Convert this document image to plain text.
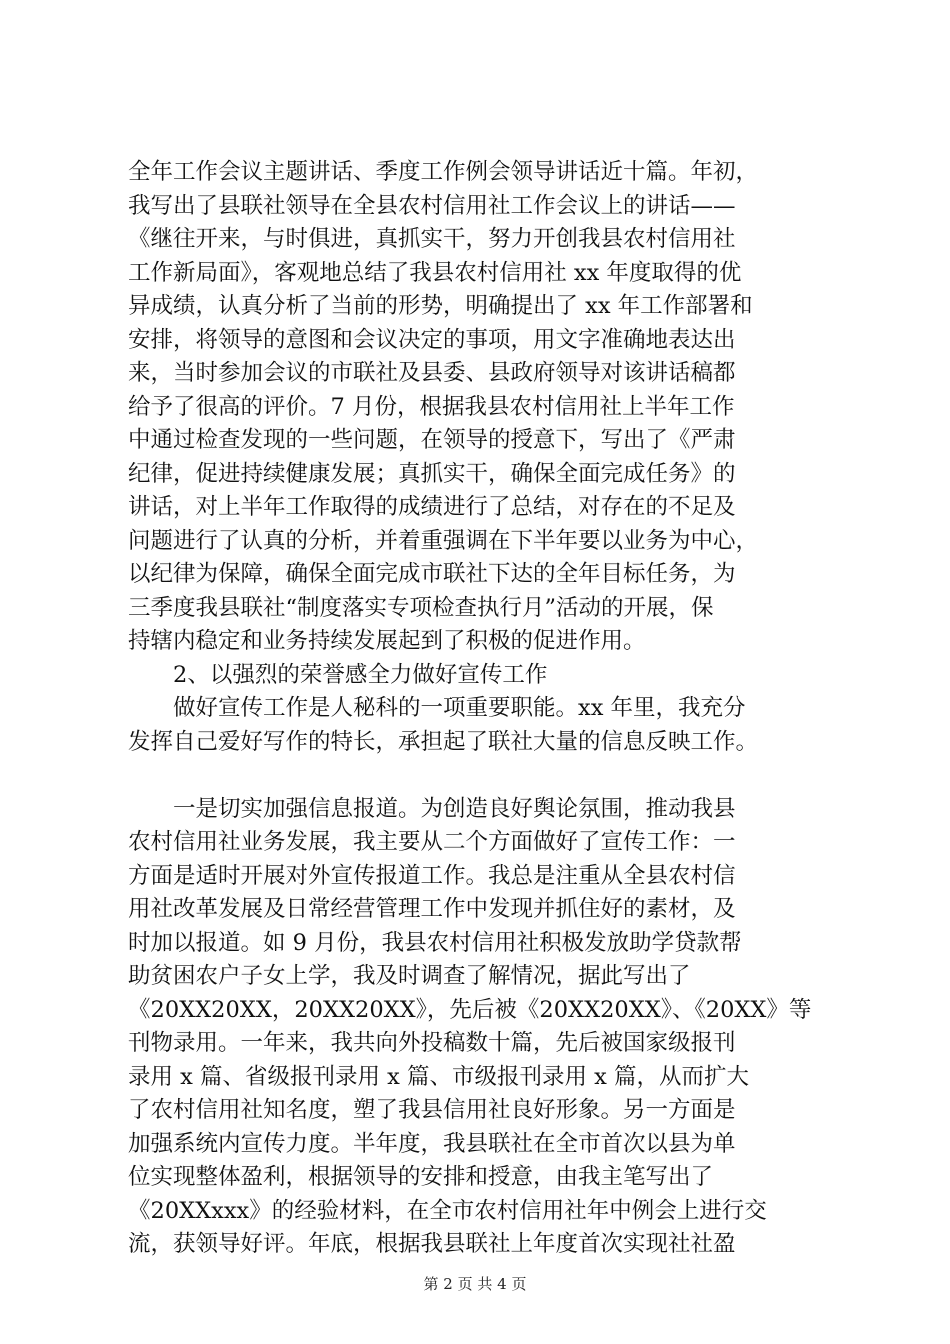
全年工作会议主题讲话、季度工作例会领导讲话近十篇。年初，
我写出了县联社领导在全县农村信用社工作会议上的讲话——
《继往开来，与时俱进，真抓实干，努力开创我县农村信用社
工作新局面》，客观地总结了我县农村信用社 xx 年度取得的优
异成绩，认真分析了当前的形势，明确提出了 xx 年工作部署和
安排，将领导的意图和会议决定的事项，用文字准确地表达出
来，当时参加会议的市联社及县委、县政府领导对该讲话稿都
给予了很高的评价。7 月份，根据我县农村信用社上半年工作
中通过检查发现的一些问题，在领导的授意下，写出了《严肃
纪律，促进持续健康发展；真抓实干，确保全面完成任务》的
讲话，对上半年工作取得的成绩进行了总结，对存在的不足及
问题进行了认真的分析，并着重强调在下半年要以业务为中心，
以纪律为保障，确保全面完成市联社下达的全年目标任务，为
三季度我县联社“制度落实专项检查执行月”活动的开展，保
持辖内稳定和业务持续发展起到了积极的促进作用。
2、以强烈的荣誉感全力做好宣传工作
做好宣传工作是人秘科的一项重要职能。xx 年里，我充分
发挥自己爱好写作的特长，承担起了联社大量的信息反映工作。
一是切实加强信息报道。为创造良好舆论氛围，推动我县
农村信用社业务发展，我主要从二个方面做好了宣传工作：一
方面是适时开展对外宣传报道工作。我总是注重从全县农村信
用社改革发展及日常经营管理工作中发现并抓住好的素材，及
时加以报道。如 9 月份，我县农村信用社积极发放助学贷款帮
助贫困农户子女上学，我及时调查了解情况，据此写出了
《20XX20XX，20XX20XX》，先后被《20XX20XX》、《20XX》等
刊物录用。一年来，我共向外投稿数十篇，先后被国家级报刊
录用 x 篇、省级报刊录用 x 篇、市级报刊录用 x 篇，从而扩大
了农村信用社知名度，塑了我县信用社良好形象。另一方面是
加强系统内宣传力度。半年度，我县联社在全市首次以县为单
位实现整体盈利，根据领导的安排和授意，由我主笔写出了
《20XXxxx》的经验材料，在全市农村信用社年中例会上进行交
流，获领导好评。年底，根据我县联社上年度首次实现社社盈
第 2 页 共 4 页
